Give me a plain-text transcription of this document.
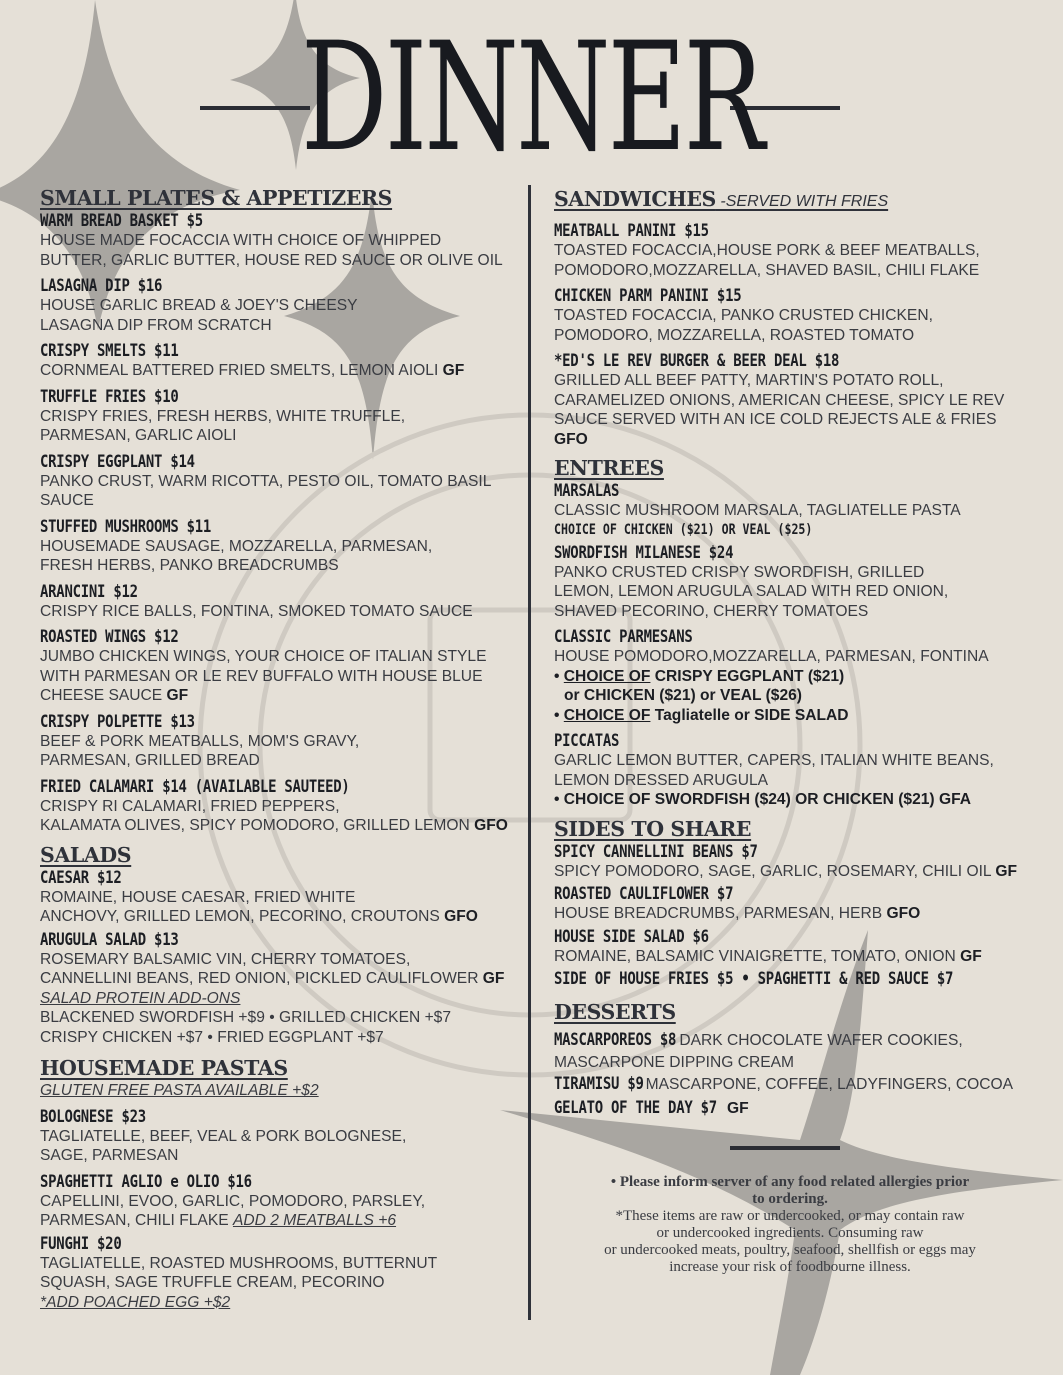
DINNER
SMALL PLATES & APPETIZERS
WARM BREAD BASKET $5
HOUSE MADE FOCACCIA WITH CHOICE OF WHIPPED
BUTTER, GARLIC BUTTER, HOUSE RED SAUCE OR OLIVE OIL
LASAGNA DIP $16
HOUSE GARLIC BREAD & JOEY'S CHEESY
LASAGNA DIP FROM SCRATCH
CRISPY SMELTS $11
CORNMEAL BATTERED FRIED SMELTS, LEMON AIOLI GF
TRUFFLE FRIES $10
CRISPY FRIES, FRESH HERBS, WHITE TRUFFLE,
PARMESAN, GARLIC AIOLI
CRISPY EGGPLANT $14
PANKO CRUST, WARM RICOTTA, PESTO OIL, TOMATO BASIL SAUCE
STUFFED MUSHROOMS $11
HOUSEMADE SAUSAGE, MOZZARELLA, PARMESAN,
FRESH HERBS, PANKO BREADCRUMBS
ARANCINI $12
CRISPY RICE BALLS, FONTINA, SMOKED TOMATO SAUCE
ROASTED WINGS $12
JUMBO CHICKEN WINGS, YOUR CHOICE OF ITALIAN STYLE
WITH PARMESAN OR LE REV BUFFALO WITH HOUSE BLUE
CHEESE SAUCE GF
CRISPY POLPETTE $13
BEEF & PORK MEATBALLS, MOM'S GRAVY,
PARMESAN, GRILLED BREAD
FRIED CALAMARI $14 (AVAILABLE SAUTEED)
CRISPY RI CALAMARI, FRIED PEPPERS,
KALAMATA OLIVES, SPICY POMODORO, GRILLED LEMON GFO
SALADS
CAESAR $12
ROMAINE, HOUSE CAESAR, FRIED WHITE
ANCHOVY, GRILLED LEMON, PECORINO, CROUTONS GFO
ARUGULA SALAD $13
ROSEMARY BALSAMIC VIN, CHERRY TOMATOES,
CANNELLINI BEANS, RED ONION, PICKLED CAULIFLOWER GF
SALAD PROTEIN ADD-ONS
BLACKENED SWORDFISH +$9 • GRILLED CHICKEN +$7
CRISPY CHICKEN +$7 • FRIED EGGPLANT +$7
HOUSEMADE PASTAS
GLUTEN FREE PASTA AVAILABLE +$2
BOLOGNESE $23
TAGLIATELLE, BEEF, VEAL & PORK BOLOGNESE,
SAGE, PARMESAN
SPAGHETTI AGLIO e OLIO $16
CAPELLINI, EVOO, GARLIC, POMODORO, PARSLEY,
PARMESAN, CHILI FLAKE ADD 2 MEATBALLS +6
FUNGHI $20
TAGLIATELLE, ROASTED MUSHROOMS, BUTTERNUT
SQUASH, SAGE TRUFFLE CREAM, PECORINO
*ADD POACHED EGG +$2
SANDWICHES -SERVED WITH FRIES
MEATBALL PANINI $15
TOASTED FOCACCIA,HOUSE PORK & BEEF MEATBALLS,
POMODORO,MOZZARELLA, SHAVED BASIL, CHILI FLAKE
CHICKEN PARM PANINI $15
TOASTED FOCACCIA, PANKO CRUSTED CHICKEN,
POMODORO, MOZZARELLA, ROASTED TOMATO
*ED'S LE REV BURGER & BEER DEAL $18
GRILLED ALL BEEF PATTY, MARTIN'S POTATO ROLL,
CARAMELIZED ONIONS, AMERICAN CHEESE, SPICY LE REV
SAUCE SERVED WITH AN ICE COLD REJECTS ALE & FRIES GFO
ENTREES
MARSALAS
CLASSIC MUSHROOM MARSALA, TAGLIATELLE PASTA
CHOICE OF CHICKEN ($21) OR VEAL ($25)
SWORDFISH MILANESE $24
PANKO CRUSTED CRISPY SWORDFISH, GRILLED
LEMON, LEMON ARUGULA SALAD WITH RED ONION,
SHAVED PECORINO, CHERRY TOMATOES
CLASSIC PARMESANS
HOUSE POMODORO,MOZZARELLA, PARMESAN, FONTINA
• CHOICE OF CRISPY EGGPLANT ($21)
or CHICKEN ($21) or VEAL ($26)
• CHOICE OF Tagliatelle or SIDE SALAD
PICCATAS
GARLIC LEMON BUTTER, CAPERS, ITALIAN WHITE BEANS,
LEMON DRESSED ARUGULA
• CHOICE OF SWORDFISH ($24) OR CHICKEN ($21) GFA
SIDES TO SHARE
SPICY CANNELLINI BEANS $7
SPICY POMODORO, SAGE, GARLIC, ROSEMARY, CHILI OIL GF
ROASTED CAULIFLOWER $7
HOUSE BREADCRUMBS, PARMESAN, HERB GFO
HOUSE SIDE SALAD $6
ROMAINE, BALSAMIC VINAIGRETTE, TOMATO, ONION GF
SIDE OF HOUSE FRIES $5 • SPAGHETTI & RED SAUCE $7
DESSERTS
MASCARPOREOS $8 DARK CHOCOLATE WAFER COOKIES,
MASCARPONE DIPPING CREAM
TIRAMISU $9 MASCARPONE, COFFEE, LADYFINGERS, COCOA
GELATO OF THE DAY $7 GF
• Please inform server of any food related allergies prior
to ordering.
*These items are raw or undercooked, or may contain raw
or undercooked ingredients. Consuming raw
or undercooked meats, poultry, seafood, shellfish or eggs may
increase your risk of foodbourne illness.
